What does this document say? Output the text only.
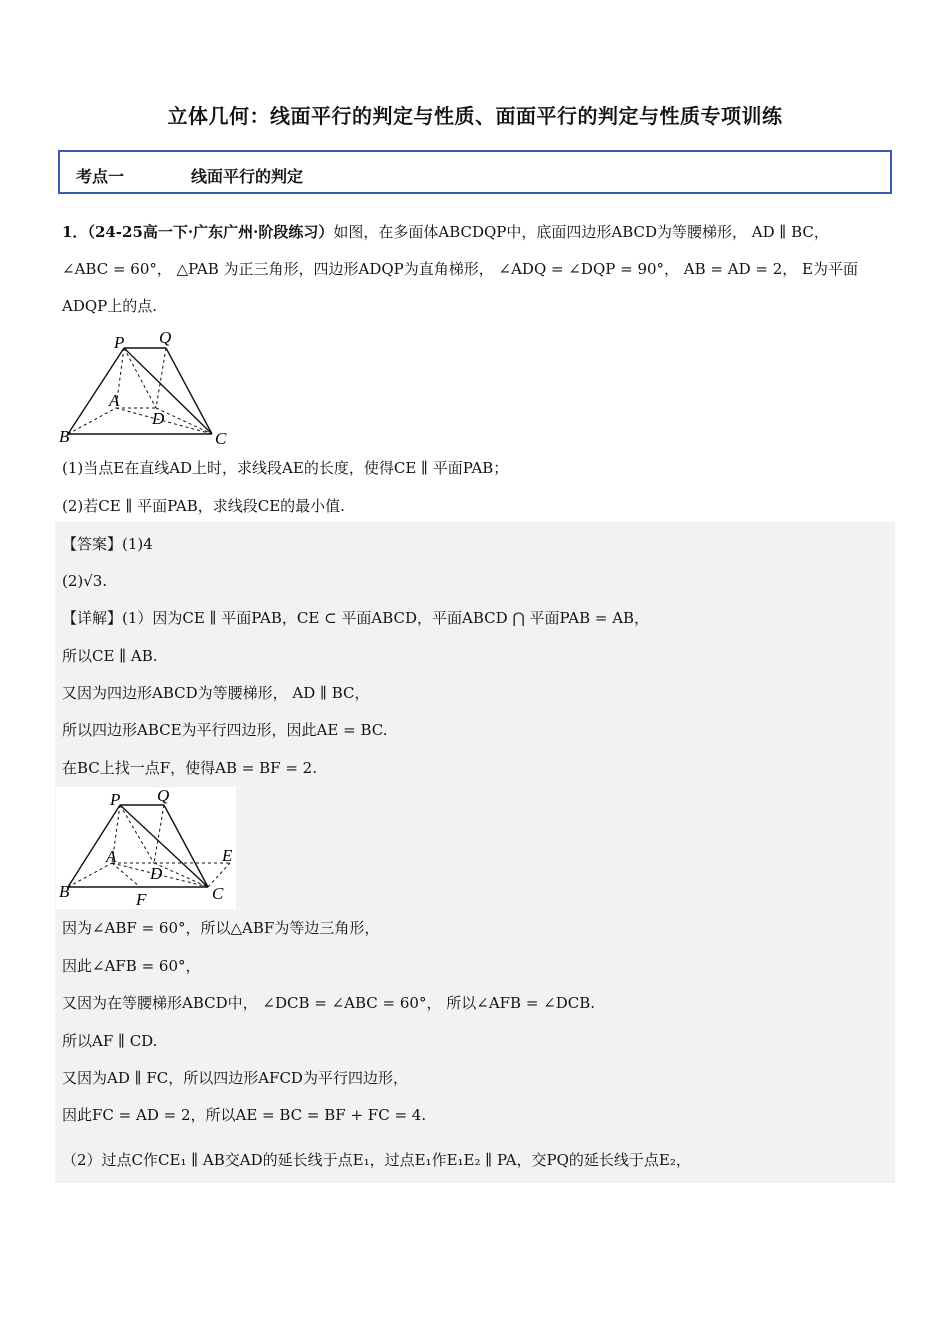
立体几何：线面平行的判定与性质、面面平行的判定与性质专项训练
考点一	线面平行的判定
1．（24-25高一下·广东广州·阶段练习）如图，在多面体ABCDQP中，底面四边形ABCD为等腰梯形， AD ∥ BC，
∠ABC = 60°， △PAB 为正三角形，四边形ADQP为直角梯形， ∠ADQ = ∠DQP = 90°， AB = AD = 2， E为平面
ADQP上的点.
P Q
A
D
B	C
(1)当点E在直线AD上时，求线段AE的长度，使得CE ∥ 平面PAB；
(2)若CE ∥ 平面PAB，求线段CE的最小值.
【答案】(1)4
(2)√3.
【详解】(1）因为CE ∥ 平面PAB，CE ⊂ 平面ABCD，平面ABCD ⋂ 平面PAB = AB，
所以CE ∥ AB.
又因为四边形ABCD为等腰梯形， AD ∥ BC，
所以四边形ABCE为平行四边形，因此AE = BC.
在BC上找一点F，使得AB = BF = 2.
P Q
A
D
E
B	F	C
因为∠ABF = 60°，所以△ABF为等边三角形，
因此∠AFB = 60°，
又因为在等腰梯形ABCD中， ∠DCB = ∠ABC = 60°， 所以∠AFB = ∠DCB.
所以AF ∥ CD.
又因为AD ∥ FC，所以四边形AFCD为平行四边形，
因此FC = AD = 2，所以AE = BC = BF + FC = 4.
（2）过点C作CE₁ ∥ AB交AD的延长线于点E₁，过点E₁作E₁E₂ ∥ PA，交PQ的延长线于点E₂，
